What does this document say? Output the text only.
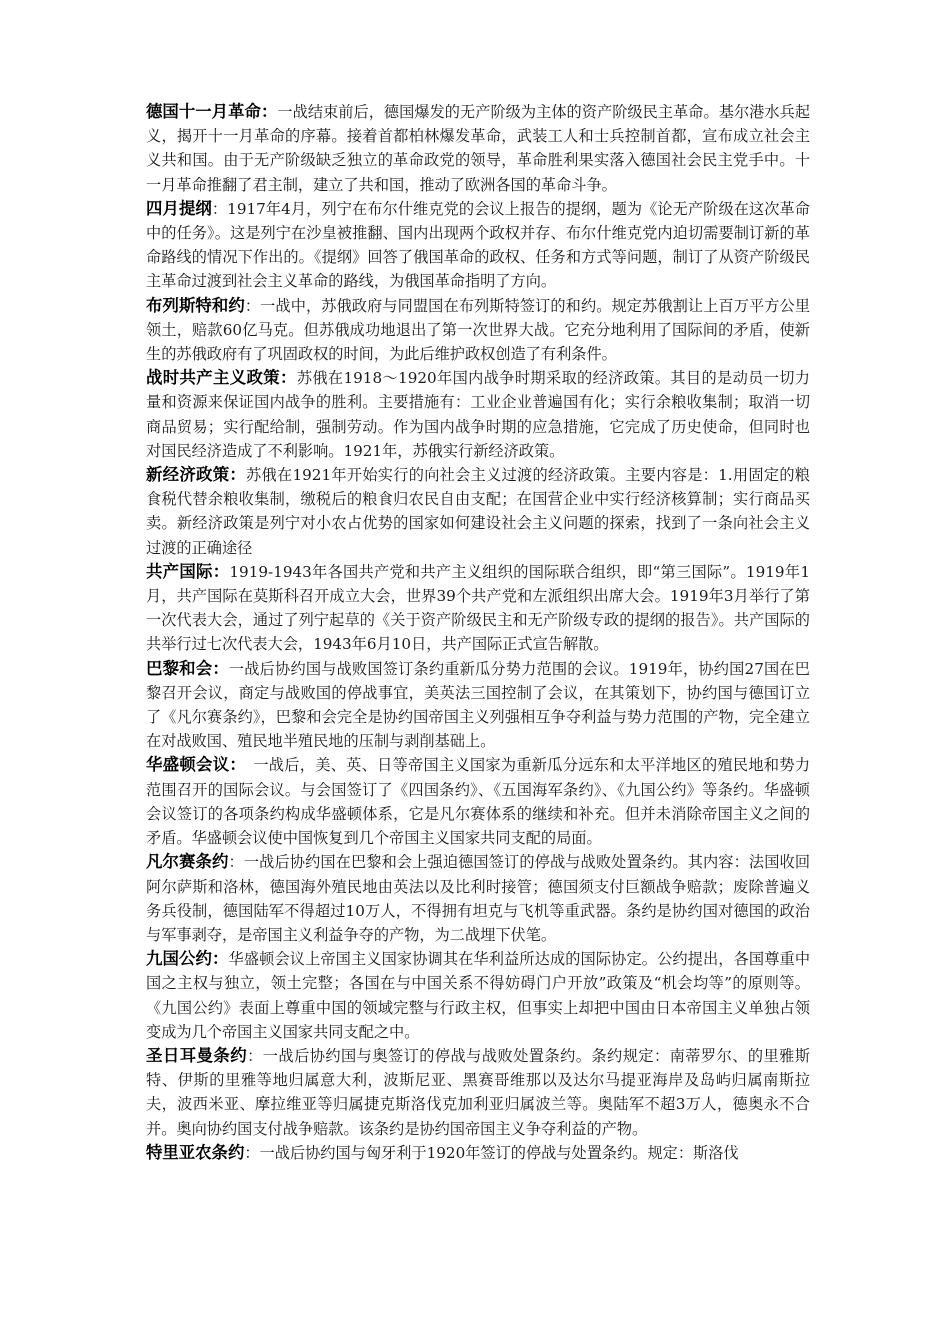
德国十一月革命：一战结束前后，德国爆发的无产阶级为主体的资产阶级民主革命。基尔港水兵起义，揭开十一月革命的序幕。接着首都柏林爆发革命，武装工人和士兵控制首都，宣布成立社会主义共和国。由于无产阶级缺乏独立的革命政党的领导，革命胜利果实落入德国社会民主党手中。十一月革命推翻了君主制，建立了共和国，推动了欧洲各国的革命斗争。

四月提纲：1917年4月，列宁在布尔什维克党的会议上报告的提纲，题为《论无产阶级在这次革命中的任务》。这是列宁在沙皇被推翻、国内出现两个政权并存、布尔什维克党内迫切需要制订新的革命路线的情况下作出的。《提纲》回答了俄国革命的政权、任务和方式等问题，制订了从资产阶级民主革命过渡到社会主义革命的路线，为俄国革命指明了方向。

布列斯特和约：一战中，苏俄政府与同盟国在布列斯特签订的和约。规定苏俄割让上百万平方公里领土，赔款60亿马克。但苏俄成功地退出了第一次世界大战。它充分地利用了国际间的矛盾，使新生的苏俄政府有了巩固政权的时间，为此后维护政权创造了有利条件。

战时共产主义政策：苏俄在1918～1920年国内战争时期采取的经济政策。其目的是动员一切力量和资源来保证国内战争的胜利。主要措施有：工业企业普遍国有化；实行余粮收集制；取消一切商品贸易；实行配给制，强制劳动。作为国内战争时期的应急措施，它完成了历史使命，但同时也对国民经济造成了不利影响。1921年，苏俄实行新经济政策。

新经济政策：苏俄在1921年开始实行的向社会主义过渡的经济政策。主要内容是：1.用固定的粮食税代替余粮收集制，缴税后的粮食归农民自由支配；在国营企业中实行经济核算制；实行商品买卖。新经济政策是列宁对小农占优势的国家如何建设社会主义问题的探索，找到了一条向社会主义过渡的正确途径

共产国际：1919-1943年各国共产党和共产主义组织的国际联合组织，即“第三国际”。1919年1月，共产国际在莫斯科召开成立大会，世界39个共产党和左派组织出席大会。1919年3月举行了第一次代表大会，通过了列宁起草的《关于资产阶级民主和无产阶级专政的提纲的报告》。共产国际的共举行过七次代表大会，1943年6月10日，共产国际正式宣告解散。

巴黎和会：一战后协约国与战败国签订条约重新瓜分势力范围的会议。1919年，协约国27国在巴黎召开会议，商定与战败国的停战事宜，美英法三国控制了会议，在其策划下，协约国与德国订立了《凡尔赛条约》，巴黎和会完全是协约国帝国主义列强相互争夺利益与势力范围的产物，完全建立在对战败国、殖民地半殖民地的压制与剥削基础上。

华盛顿会议：　一战后，美、英、日等帝国主义国家为重新瓜分远东和太平洋地区的殖民地和势力范围召开的国际会议。与会国签订了《四国条约》、《五国海军条约》、《九国公约》等条约。华盛顿会议签订的各项条约构成华盛顿体系，它是凡尔赛体系的继续和补充。但并未消除帝国主义之间的矛盾。华盛顿会议使中国恢复到几个帝国主义国家共同支配的局面。

凡尔赛条约：一战后协约国在巴黎和会上强迫德国签订的停战与战败处置条约。其内容：法国收回阿尔萨斯和洛林，德国海外殖民地由英法以及比利时接管；德国须支付巨额战争赔款；废除普遍义务兵役制，德国陆军不得超过10万人，不得拥有坦克与飞机等重武器。条约是协约国对德国的政治与军事剥夺，是帝国主义利益争夺的产物，为二战埋下伏笔。

九国公约：华盛顿会议上帝国主义国家协调其在华利益所达成的国际协定。公约提出，各国尊重中国之主权与独立，领土完整；各国在与中国关系不得妨碍门户开放”政策及“机会均等”的原则等。《九国公约》表面上尊重中国的领域完整与行政主权，但事实上却把中国由日本帝国主义单独占领变成为几个帝国主义国家共同支配之中。

圣日耳曼条约：一战后协约国与奥签订的停战与战败处置条约。条约规定：南蒂罗尔、的里雅斯特、伊斯的里雅等地归属意大利，波斯尼亚、黑赛哥维那以及达尔马提亚海岸及岛屿归属南斯拉夫，波西米亚、摩拉维亚等归属捷克斯洛伐克加利亚归属波兰等。奥陆军不超3万人，德奥永不合并。奥向协约国支付战争赔款。该条约是协约国帝国主义争夺利益的产物。

特里亚农条约：一战后协约国与匈牙利于1920年签订的停战与处置条约。规定：斯洛伐
